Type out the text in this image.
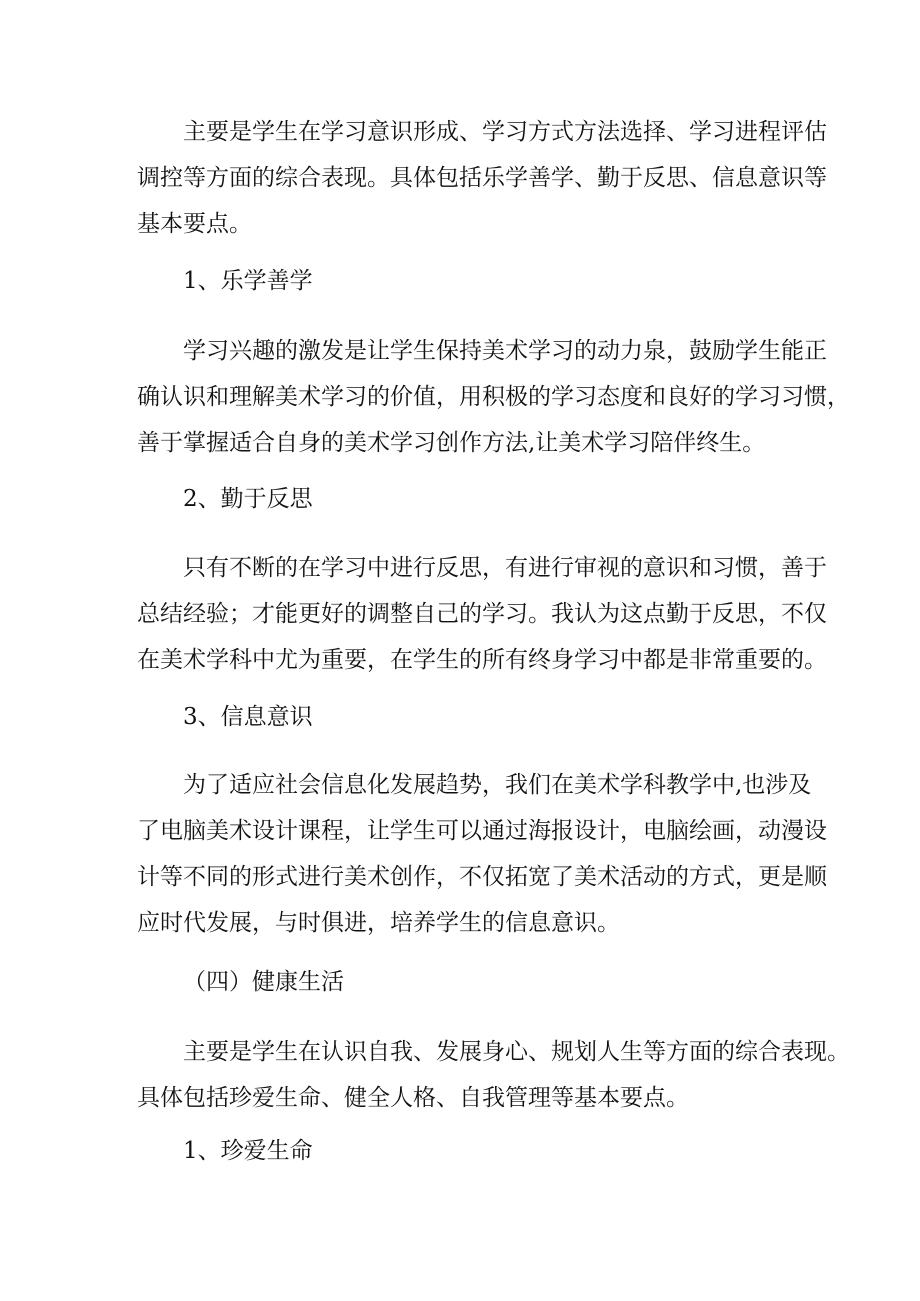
主要是学生在学习意识形成、学习方式方法选择、学习进程评估
调控等方面的综合表现。具体包括乐学善学、勤于反思、信息意识等
基本要点。

1、乐学善学

学习兴趣的激发是让学生保持美术学习的动力泉，鼓励学生能正
确认识和理解美术学习的价值，用积极的学习态度和良好的学习习惯，
善于掌握适合自身的美术学习创作方法,让美术学习陪伴终生。

2、勤于反思

只有不断的在学习中进行反思，有进行审视的意识和习惯，善于
总结经验；才能更好的调整自己的学习。我认为这点勤于反思，不仅
在美术学科中尤为重要，在学生的所有终身学习中都是非常重要的。

3、信息意识

为了适应社会信息化发展趋势，我们在美术学科教学中,也涉及
了电脑美术设计课程，让学生可以通过海报设计，电脑绘画，动漫设
计等不同的形式进行美术创作，不仅拓宽了美术活动的方式，更是顺
应时代发展，与时俱进，培养学生的信息意识。

（四）健康生活

主要是学生在认识自我、发展身心、规划人生等方面的综合表现。
具体包括珍爱生命、健全人格、自我管理等基本要点。

1、珍爱生命
